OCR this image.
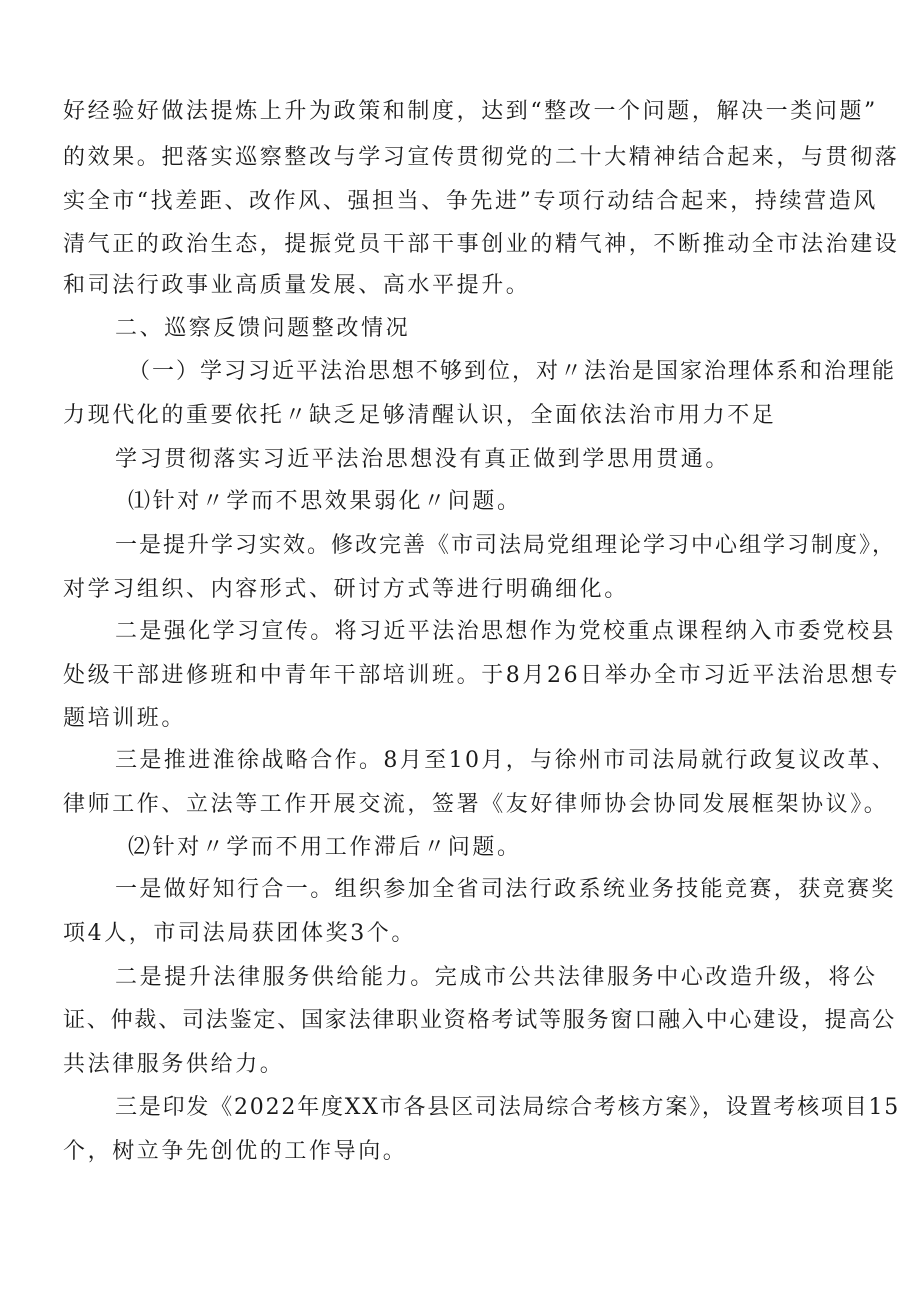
好经验好做法提炼上升为政策和制度，达到“整改一个问题，解决一类问题”
的效果。把落实巡察整改与学习宣传贯彻党的二十大精神结合起来，与贯彻落
实全市“找差距、改作风、强担当、争先进”专项行动结合起来，持续营造风
清气正的政治生态，提振党员干部干事创业的精气神，不断推动全市法治建设
和司法行政事业高质量发展、高水平提升。
二、巡察反馈问题整改情况
（一）学习习近平法治思想不够到位，对〃法治是国家治理体系和治理能
力现代化的重要依托〃缺乏足够清醒认识，全面依法治市用力不足
学习贯彻落实习近平法治思想没有真正做到学思用贯通。
⑴针对〃学而不思效果弱化〃问题。
一是提升学习实效。修改完善《市司法局党组理论学习中心组学习制度》，
对学习组织、内容形式、研讨方式等进行明确细化。
二是强化学习宣传。将习近平法治思想作为党校重点课程纳入市委党校县
处级干部进修班和中青年干部培训班。于8月26日举办全市习近平法治思想专
题培训班。
三是推进淮徐战略合作。8月至10月，与徐州市司法局就行政复议改革、
律师工作、立法等工作开展交流，签署《友好律师协会协同发展框架协议》。
⑵针对〃学而不用工作滞后〃问题。
一是做好知行合一。组织参加全省司法行政系统业务技能竞赛，获竞赛奖
项4人，市司法局获团体奖3个。
二是提升法律服务供给能力。完成市公共法律服务中心改造升级，将公
证、仲裁、司法鉴定、国家法律职业资格考试等服务窗口融入中心建设，提高公
共法律服务供给力。
三是印发《2022年度XX市各县区司法局综合考核方案》，设置考核项目15
个，树立争先创优的工作导向。
